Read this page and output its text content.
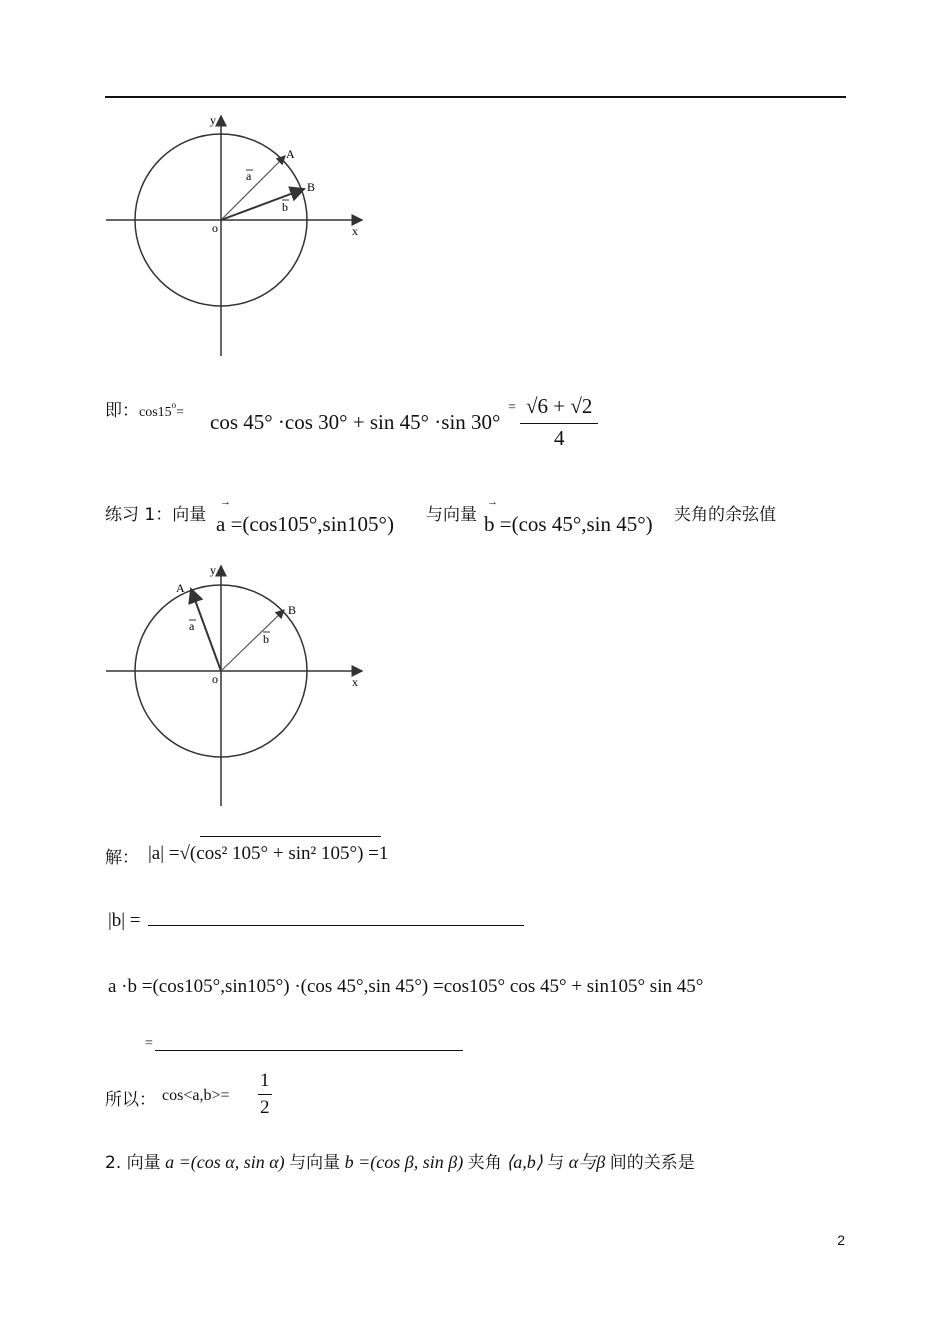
y
x
o
A
B
a
b
即：$\cos 15^o= \cos 45^\circ \cdot\cos$ 30° + sin 45° ·sin 30°
= $\frac{√6 + √2}{4}$
练习 1：向量 a =(cos105°,sin105°)
→
与向量 b =(cos 45°,sin 45°)
→
夹角的余弦值
y
x
o
A
B
a
b
解： |a| =√(cos² 105° + sin² 105°) =1
|b| =
a ·b =(cos105°,sin105°) ·(cos 45°,sin 45°) =cos105° cos 45° + sin105° sin 45°
=
所以： $\cos<a,b>= \frac{1}{2}$
2. 向量 a =(cos α, sin α) 与向量 b =(cos β, sin β) 夹角 ⟨a,b⟩ 与 α与β 间的关系是
2
